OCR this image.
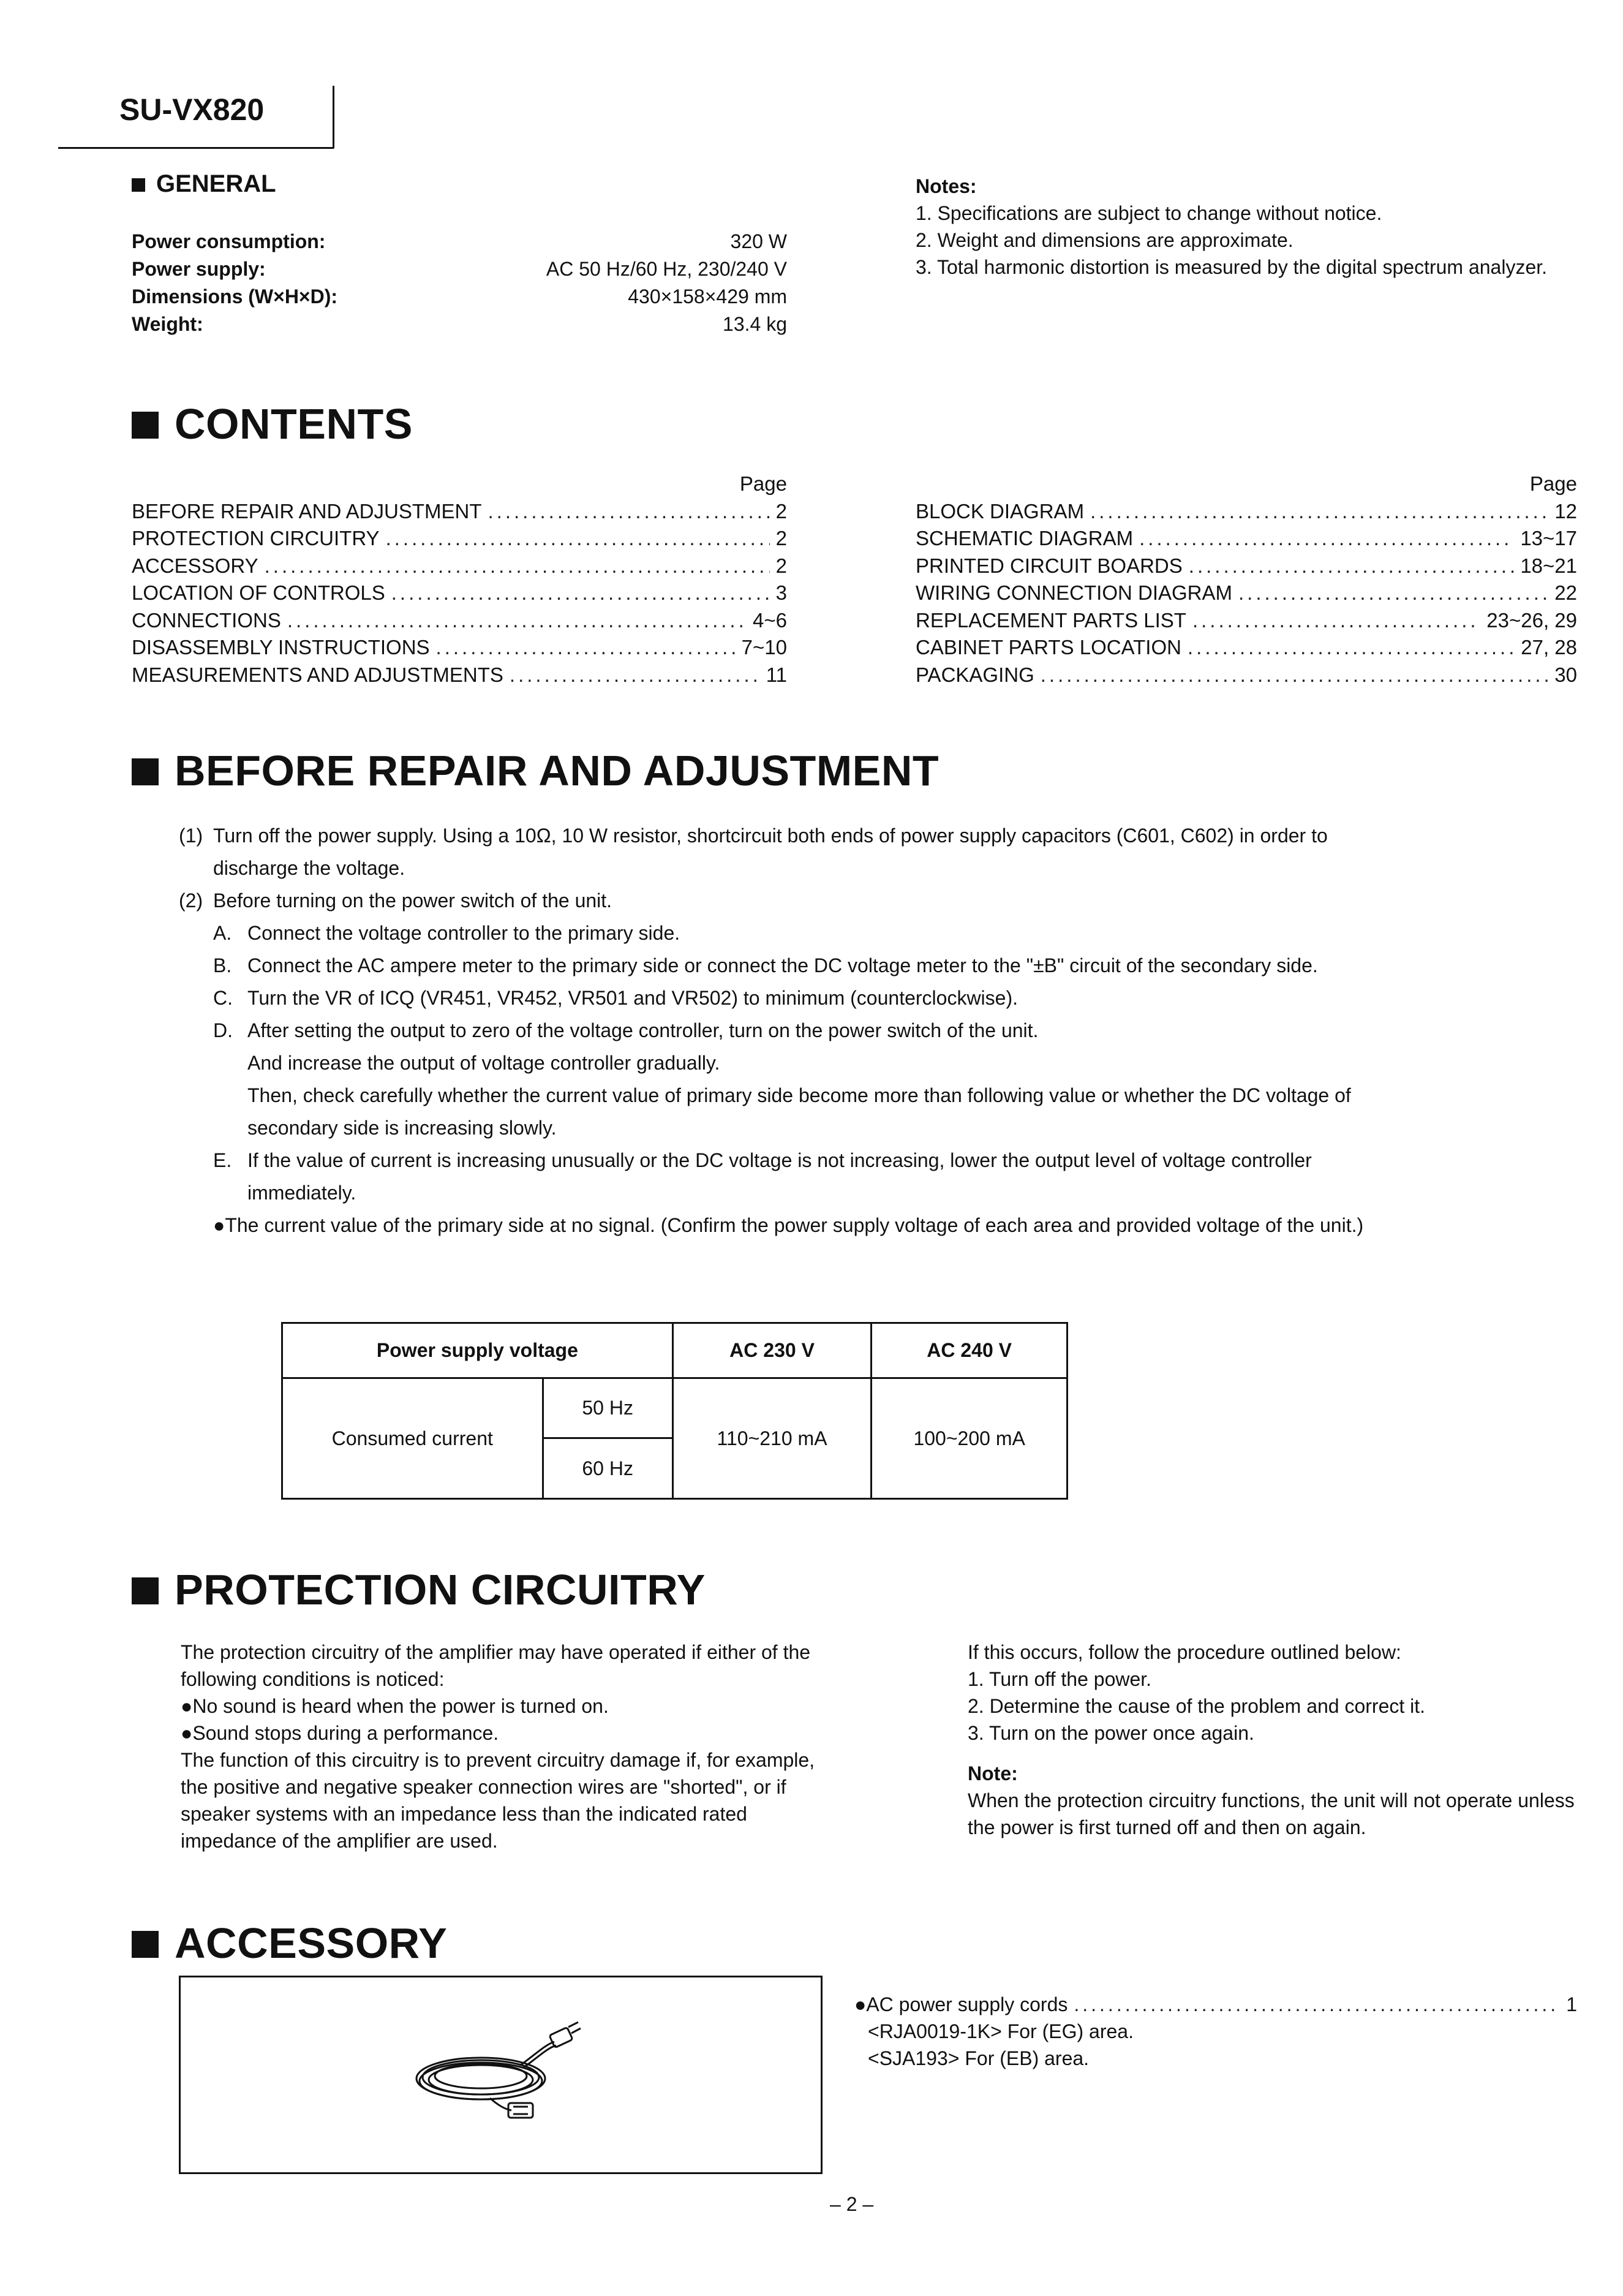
SU-VX820
GENERAL
Power consumption:	320 W
Power supply:	AC 50 Hz/60 Hz, 230/240 V
Dimensions (W×H×D):	430×158×429 mm
Weight:	13.4 kg
Notes:
1. Specifications are subject to change without notice.
2. Weight and dimensions are approximate.
3. Total harmonic distortion is measured by the digital spectrum analyzer.
CONTENTS
Page
BEFORE REPAIR AND ADJUSTMENT .....	2
PROTECTION CIRCUITRY .....	2
ACCESSORY .....	2
LOCATION OF CONTROLS .....	3
CONNECTIONS .....	4~6
DISASSEMBLY INSTRUCTIONS .....	7~10
MEASUREMENTS AND ADJUSTMENTS .....	11
Page
BLOCK DIAGRAM .....	12
SCHEMATIC DIAGRAM .....	13~17
PRINTED CIRCUIT BOARDS .....	18~21
WIRING CONNECTION DIAGRAM .....	22
REPLACEMENT PARTS LIST .....	23~26, 29
CABINET PARTS LOCATION .....	27, 28
PACKAGING .....	30
BEFORE REPAIR AND ADJUSTMENT
(1) Turn off the power supply. Using a 10Ω, 10 W resistor, shortcircuit both ends of power supply capacitors (C601, C602) in order to discharge the voltage.
(2) Before turning on the power switch of the unit.
A. Connect the voltage controller to the primary side.
B. Connect the AC ampere meter to the primary side or connect the DC voltage meter to the "±B" circuit of the secondary side.
C. Turn the VR of ICQ (VR451, VR452, VR501 and VR502) to minimum (counterclockwise).
D. After setting the output to zero of the voltage controller, turn on the power switch of the unit.
And increase the output of voltage controller gradually.
Then, check carefully whether the current value of primary side become more than following value or whether the DC voltage of secondary side is increasing slowly.
E. If the value of current is increasing unusually or the DC voltage is not increasing, lower the output level of voltage controller immediately.
●The current value of the primary side at no signal. (Confirm the power supply voltage of each area and provided voltage of the unit.)
Power supply voltage		AC 230 V	AC 240 V
Consumed current	50 Hz	110~210 mA	100~200 mA
	60 Hz		
PROTECTION CIRCUITRY
The protection circuitry of the amplifier may have operated if either of the following conditions is noticed:
●No sound is heard when the power is turned on.
●Sound stops during a performance.
The function of this circuitry is to prevent circuitry damage if, for example, the positive and negative speaker connection wires are "shorted", or if speaker systems with an impedance less than the indicated rated impedance of the amplifier are used.
If this occurs, follow the procedure outlined below:
1. Turn off the power.
2. Determine the cause of the problem and correct it.
3. Turn on the power once again.
Note:
When the protection circuitry functions, the unit will not operate unless the power is first turned off and then on again.
ACCESSORY
●AC power supply cords .....	1
<RJA0019-1K> For (EG) area.
<SJA193> For (EB) area.
– 2 –
